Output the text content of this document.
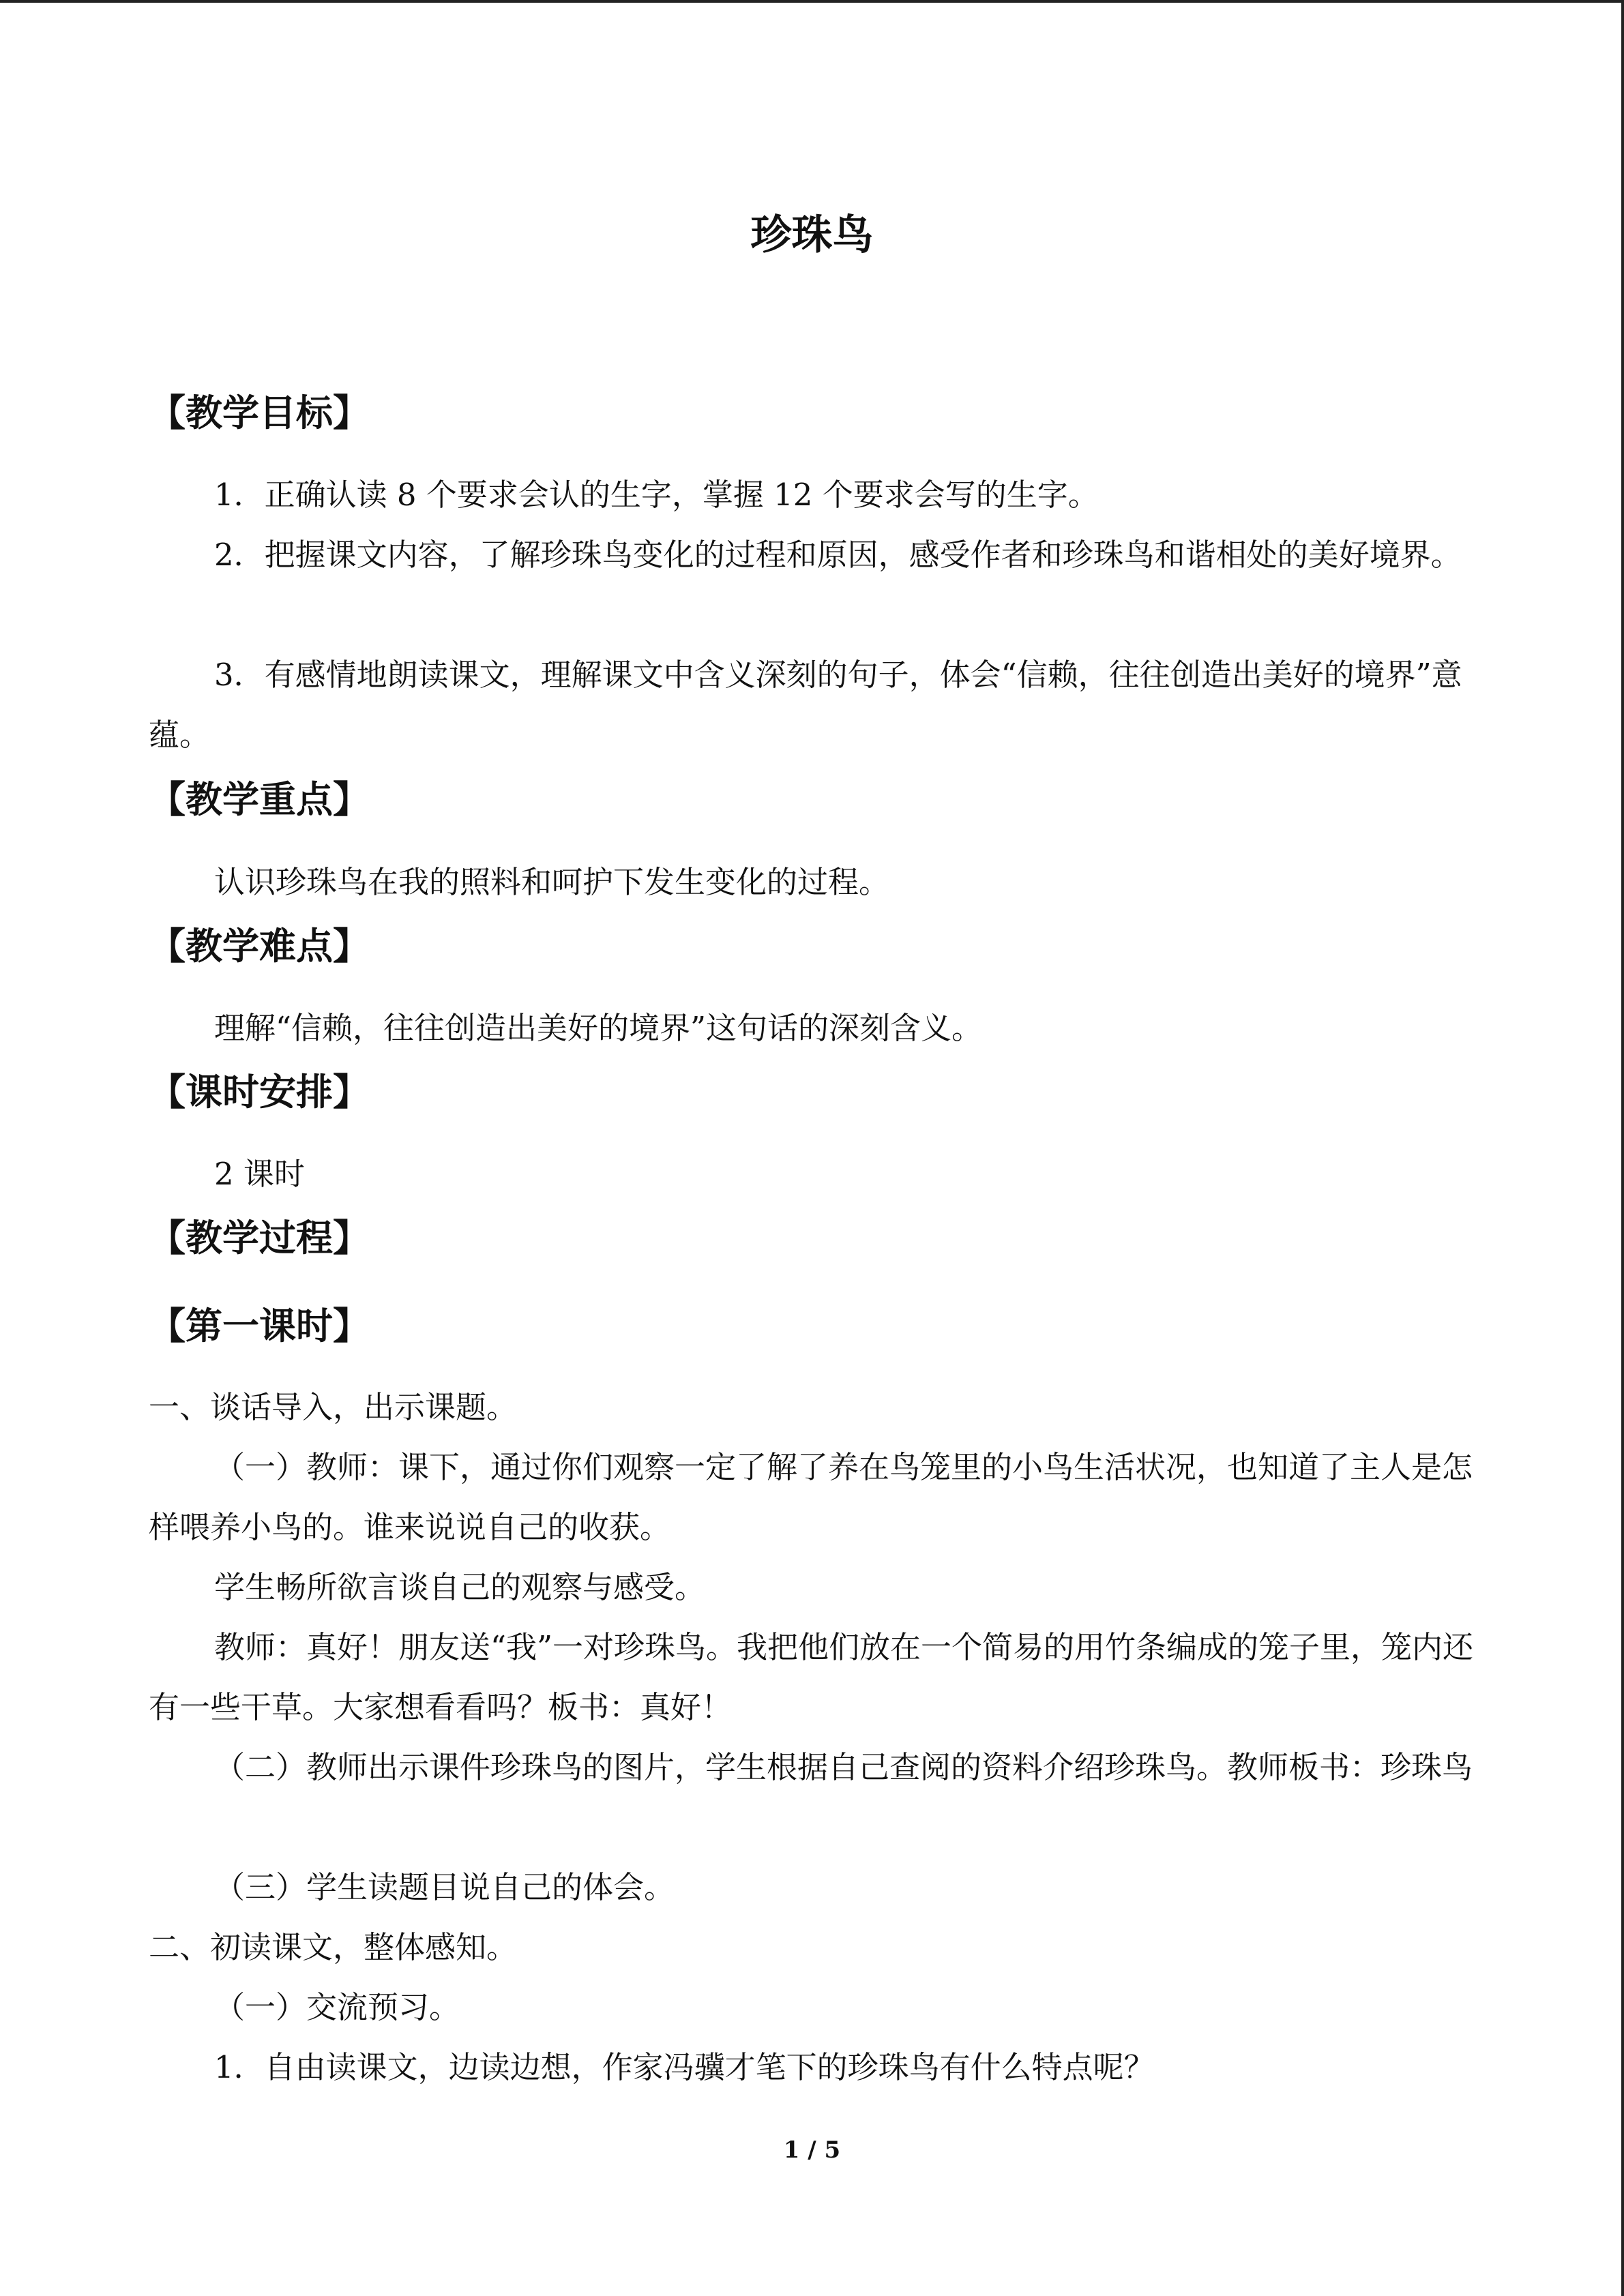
珍珠鸟
【教学目标】
1．正确认读 8 个要求会认的生字，掌握 12 个要求会写的生字。
2．把握课文内容，了解珍珠鸟变化的过程和原因，感受作者和珍珠鸟和谐相处的美好境界。
3．有感情地朗读课文，理解课文中含义深刻的句子，体会“信赖，往往创造出美好的境界”意蕴。
【教学重点】
认识珍珠鸟在我的照料和呵护下发生变化的过程。
【教学难点】
理解“信赖，往往创造出美好的境界”这句话的深刻含义。
【课时安排】
2 课时
【教学过程】
【第一课时】
一、谈话导入，出示课题。
（一）教师：课下，通过你们观察一定了解了养在鸟笼里的小鸟生活状况，也知道了主人是怎样喂养小鸟的。谁来说说自己的收获。
学生畅所欲言谈自己的观察与感受。
教师：真好！朋友送“我”一对珍珠鸟。我把他们放在一个简易的用竹条编成的笼子里，笼内还有一些干草。大家想看看吗？板书：真好！
（二）教师出示课件珍珠鸟的图片，学生根据自己查阅的资料介绍珍珠鸟。教师板书：珍珠鸟
（三）学生读题目说自己的体会。
二、初读课文，整体感知。
（一）交流预习。
1．自由读课文，边读边想，作家冯骥才笔下的珍珠鸟有什么特点呢？
1 / 5
